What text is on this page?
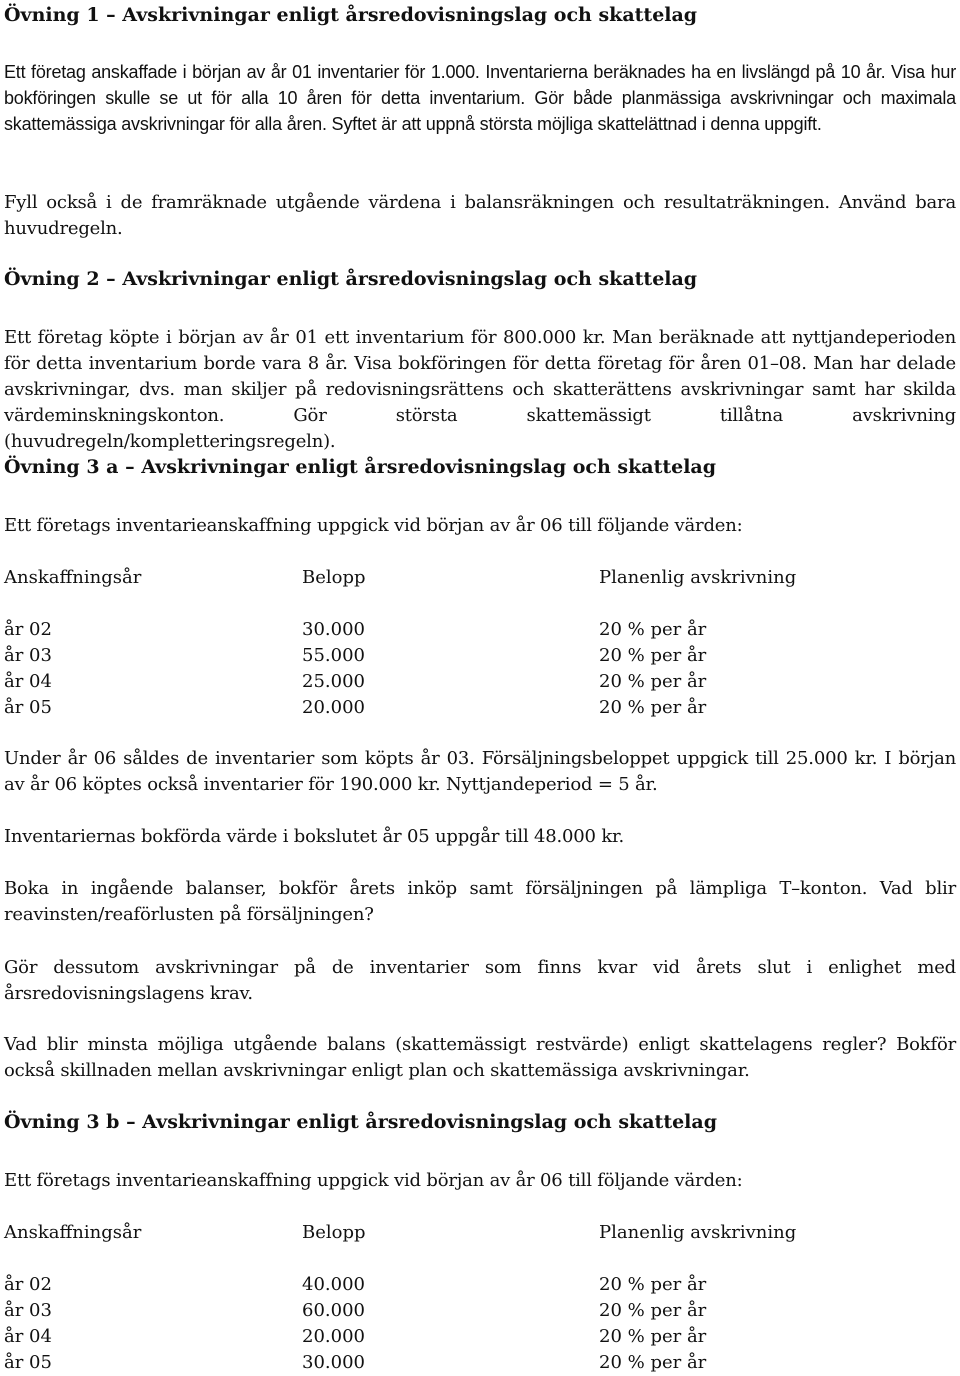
Övning 1 – Avskrivningar enligt årsredovisningslag och skattelag

Ett företag anskaffade i början av år 01 inventarier för 1.000. Inventarierna beräknades ha en livslängd på 10 år. Visa hur bokföringen skulle se ut för alla 10 åren för detta inventarium. Gör både planmässiga avskrivningar och maximala skattemässiga avskrivningar för alla åren. Syftet är att uppnå största möjliga skattelättnad i denna uppgift.

Fyll också i de framräknade utgående värdena i balansräkningen och resultaträkningen. Använd bara huvudregeln.

Övning 2 – Avskrivningar enligt årsredovisningslag och skattelag

Ett företag köpte i början av år 01 ett inventarium för 800.000 kr. Man beräknade att nyttjandeperioden för detta inventarium borde vara 8 år. Visa bokföringen för detta företag för åren 01–08. Man har delade avskrivningar, dvs. man skiljer på redovisningsrättens och skatterättens avskrivningar samt har skilda värdeminskningskonton. Gör största skattemässigt tillåtna avskrivning (huvudregeln/kompletteringsregeln).

Övning 3 a – Avskrivningar enligt årsredovisningslag och skattelag

Ett företags inventarieanskaffning uppgick vid början av år 06 till följande värden:

Anskaffningsår	Belopp	Planenlig avskrivning

år 02	30.000	20 % per år
år 03	55.000	20 % per år
år 04	25.000	20 % per år
år 05	20.000	20 % per år

Under år 06 såldes de inventarier som köpts år 03. Försäljningsbeloppet uppgick till 25.000 kr. I början av år 06 köptes också inventarier för 190.000 kr. Nyttjandeperiod = 5 år.

Inventariernas bokförda värde i bokslutet år 05 uppgår till 48.000 kr.

Boka in ingående balanser, bokför årets inköp samt försäljningen på lämpliga T–konton. Vad blir reavinsten/reaförlusten på försäljningen?

Gör dessutom avskrivningar på de inventarier som finns kvar vid årets slut i enlighet med årsredovisningslagens krav.

Vad blir minsta möjliga utgående balans (skattemässigt restvärde) enligt skattelagens regler? Bokför också skillnaden mellan avskrivningar enligt plan och skattemässiga avskrivningar.

Övning 3 b – Avskrivningar enligt årsredovisningslag och skattelag

Ett företags inventarieanskaffning uppgick vid början av år 06 till följande värden:

Anskaffningsår	Belopp	Planenlig avskrivning

år 02	40.000	20 % per år
år 03	60.000	20 % per år
år 04	20.000	20 % per år
år 05	30.000	20 % per år
